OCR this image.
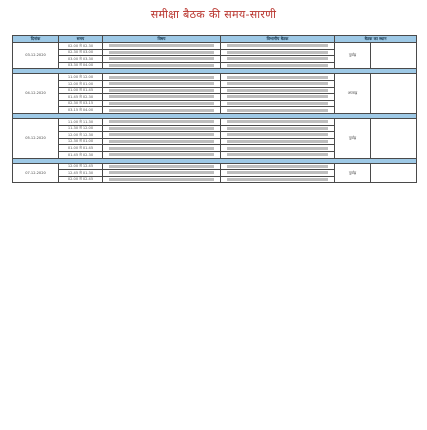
समीक्षा बैठक की समय-सारणी
दिनांक	समय	विषय	विभागीय बैठक	बैठक का स्थान	
03.12.2020	02.00 से 02.30			पूर्वाह्न	
	02.30 से 03.00			

	03.00 से 03.30			

	03.30 से 04.00			

04.12.2020	11.00 से 12.00			अपराह्न	
	12.00 से 01.00			

	01.00 से 01.45			

	01.45 से 02.30			

	02.30 से 03.15			

	03.15 से 04.00			

05.12.2020	11.00 से 11.30			पूर्वाह्न	
	11.30 से 12.00			

	12.00 से 12.30			

	12.30 से 01.00			

	01.00 से 01.45			

	01.45 से 02.30			

07.12.2020	12.00 से 12.45			पूर्वाह्न	
	12.45 से 01.30			

	02.00 से 02.45			
